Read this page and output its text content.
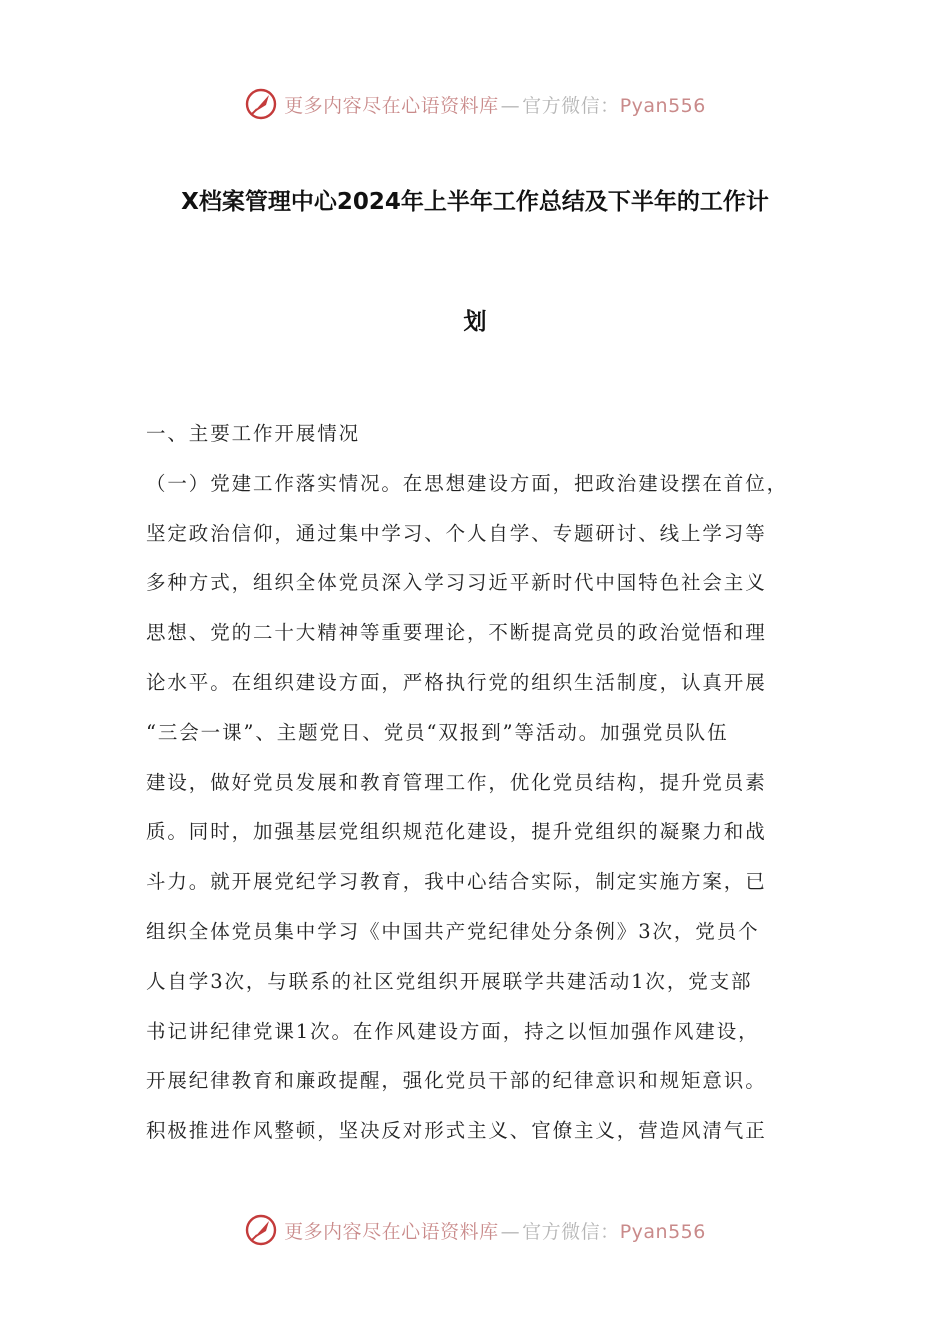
更多内容尽在心语资料库 — 官方微信：Pyan556
X档案管理中心2024年上半年工作总结及下半年的工作计
划
一、主要工作开展情况
（一）党建工作落实情况。在思想建设方面，把政治建设摆在首位，
坚定政治信仰，通过集中学习、个人自学、专题研讨、线上学习等
多种方式，组织全体党员深入学习习近平新时代中国特色社会主义
思想、党的二十大精神等重要理论，不断提高党员的政治觉悟和理
论水平。在组织建设方面，严格执行党的组织生活制度，认真开展
“三会一课”、主题党日、党员“双报到”等活动。加强党员队伍
建设，做好党员发展和教育管理工作，优化党员结构，提升党员素
质。同时，加强基层党组织规范化建设，提升党组织的凝聚力和战
斗力。就开展党纪学习教育，我中心结合实际，制定实施方案，已
组织全体党员集中学习《中国共产党纪律处分条例》3次，党员个
人自学3次，与联系的社区党组织开展联学共建活动1次，党支部
书记讲纪律党课1次。在作风建设方面，持之以恒加强作风建设，
开展纪律教育和廉政提醒，强化党员干部的纪律意识和规矩意识。
积极推进作风整顿，坚决反对形式主义、官僚主义，营造风清气正
更多内容尽在心语资料库 — 官方微信：Pyan556
